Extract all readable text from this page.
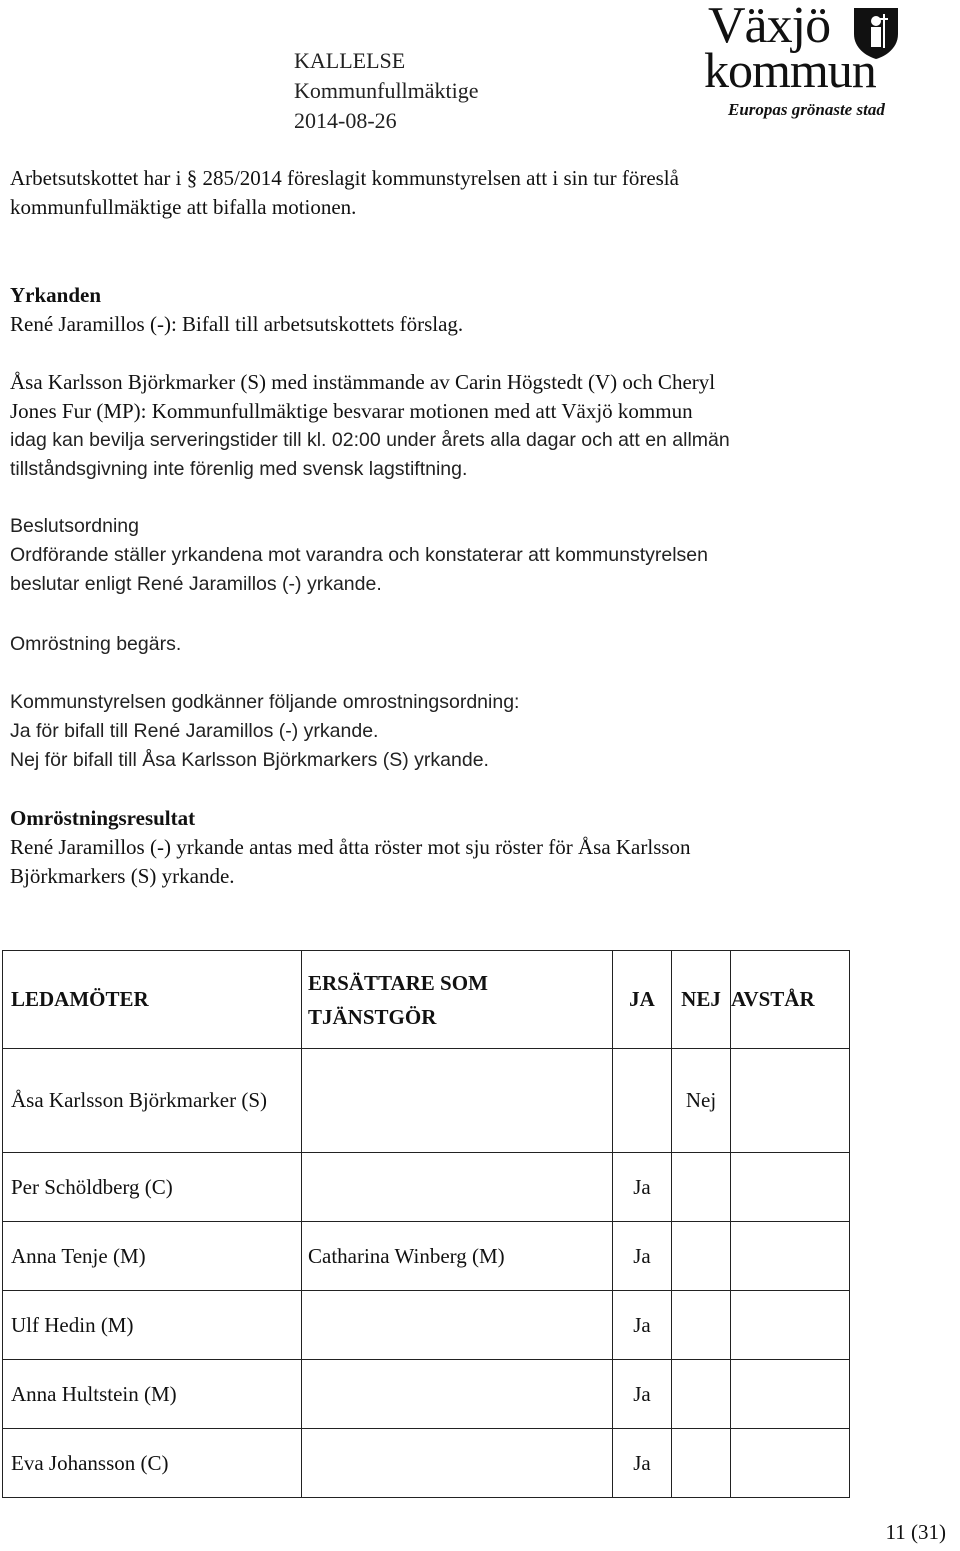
KALLELSE
Kommunfullmäktige
2014-08-26
Växjö
kommun
Europas grönaste stad

Arbetsutskottet har i § 285/2014 föreslagit kommunstyrelsen att i sin tur föreslå

kommunfullmäktige att bifalla motionen.

Yrkanden

René Jaramillos (-): Bifall till arbetsutskottets förslag.

Åsa Karlsson Björkmarker (S) med instämmande av Carin Högstedt (V) och Cheryl

Jones Fur (MP): Kommunfullmäktige besvarar motionen med att Växjö kommun

idag kan bevilja serveringstider till kl. 02:00 under årets alla dagar och att en allmän

tillståndsgivning inte förenlig med svensk lagstiftning.

Beslutsordning

Ordförande ställer yrkandena mot varandra och konstaterar att kommunstyrelsen

beslutar enligt René Jaramillos (-) yrkande.

Omröstning begärs.

Kommunstyrelsen godkänner följande omrostningsordning:

Ja för bifall till René Jaramillos (-) yrkande.

Nej för bifall till Åsa Karlsson Björkmarkers (S) yrkande.

Omröstningsresultat

René Jaramillos (-) yrkande antas med åtta röster mot sju röster för Åsa Karlsson

Björkmarkers (S) yrkande.

LEDAMÖTER	ERSÄTTARE SOM TJÄNSTGÖR	JA	NEJ	AVSTÅR
Åsa Karlsson Björkmarker (S)			Nej	
Per Schöldberg (C)		Ja		
Anna Tenje (M)	Catharina Winberg (M)	Ja		
Ulf Hedin (M)		Ja		
Anna Hultstein (M)		Ja		
Eva Johansson (C)		Ja		
11 (31)
